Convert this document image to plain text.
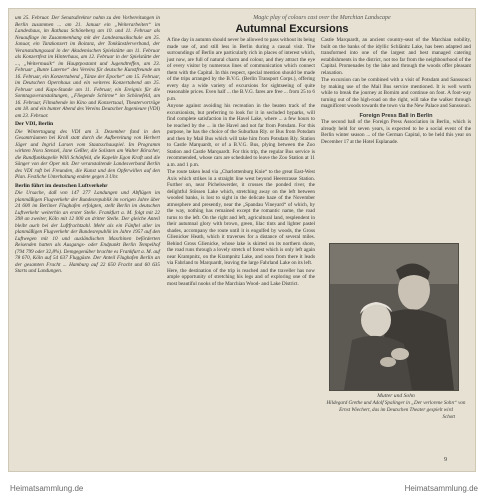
um 25. Februar. Der Senatsdirektor nahm zu den Vorbereitungen in Berlin zusammen ... am 21. Januar ein „Weiterarbeiten“ im Landeshaus, im Rathaus Schöneberg am 10. und 11. Februar als Neuauflage im Zusammenhang mit der Landesmusikschule am 25. Januar, ein Tanzkonzert im Boitanz, der Tonkünstlerverband, der Veranstaltungssaal in der Akademischen Spielstätte am 11. Februar als Konzertfest im Hinterhaus, am 12. Februar in der Spielstätte der ..., „Weitermusik“ im Hauptpostamt und Jugendtreffen, am 23. Februar „Bunte Laterne“ des Vereins für deutsche Kunstfreunde am 16. Februar, ein Konzertabend „Tänze der Epoche“ am 15. Februar, im Deutschen Opernhaus und ein weiteres Konzertabend am 25. Februar und Kaps-Stunde am 11. Februar, ein Ereignis für die Sonntagsveranstaltungen, „Fliegende Schirme“ im Schönefeld, am 16. Februar, Filmabende im Kino und Konzertsaal, Theatervorträge am 18. und ein bunter Abend des Vereins Deutscher Ingenieure (VDI) am 23. Februar.

Der VDI, Berlin

Die Wintertagung des VDI am 3. Dezember fand in den Gesamträumen bei Kroll statt durch die Aufbereitung von Herbert Jäger und Ingrid Larsen vom Staatsschauspiel. Im Programm wirkten Nora Stenzel, Jane Geßler, die Solisten am Walter Börscher, die Rundfunkkapelle Willi Schönfeld, die Kapelle Egon Kraft und die Sänger von der Oper mit. Der veranstaltende Landesverband Berlin des VDI ruft bei Freunden, die Kunst und den Opferwillen auf den Plan. Festliche Unterhaltung endete gegen 3 Uhr.

Berlin führt im deutschen Luftverkehr

Die Ursache, daß von 147 277 Landungen und Abflügen im planmäßigen Flugverkehr der Bundesrepublik im vorigen Jahre über 24 600 im Berliner Flughafen erfolgten, stellt Berlin im deutschen Luftverkehr weiterhin an erster Stelle. Frankfurt a. M. folgt mit 22 398 an zweiter, Köln mit 12 000 an dritter Stelle. Der gleiche Anteil bleibt auch bei der Luftfrachtzahl. Mehr als ein Fünftel aller im planmäßigen Flugverkehr der Bundesrepublik im Jahre 1957 auf den Luftwegen mit 10 und ausländischen Maschinen beförderten Reisenden hatten als Ausgangs- oder Endpunkt Berlin Tempelhof (794 799 oder 32,8%). Demgegenüber brachte es Frankfurt a. M. auf 78 670, Köln auf 54 637 Fluggäste. Der Anteil Flughafen Berlin an der gesamten Fracht ... Hamburg auf 22 650 Fracht und 60 635 Starts und Landungen.

Magic play of colours cast over the Marchian Landscape
Autumnal Excursions

A fine day in autumn should never be allowed to pass without its being made use of, and still less in Berlin during a casual visit. The surroundings of Berlin are particularly rich in places of interest which, just now, are full of natural charm and colour, and they attract the eye of every visitor by numerous lines of communication which connect them with the Capital. In this respect, special mention should be made of the trips arranged by the B.V.G. (Berlin Transport Corps.), offering every day a wide variety of excursions for sightseeing of quite reasonable prices. Even half ... the B.V.G. fares are free ... from 25 to 6 p.m.

Anyone against avoiding his recreation in the beaten track of the excursionists, but preferring to look for it in secluded byparks, will find complete satisfaction in the Havel Lake, where ... a few hours to be reached by the ... in the Havel and not far from Potsdam. For this purpose, he has the choice of the Suburban Rly. or Bus from Potsdam and then by Mail Bus which will take him from Potsdam Rly. Station to Castle Marquardt, or of a B.V.G. Bus, plying between the Zoo Station and Castle Marquardt. For this trip, the regular Bus service is recommended, whose cars are scheduled to leave the Zoo Station at 11 a.m. and 1 p.m.

The route taken lead via „Charlottenburg Knie“ to the great East-West Axis which strikes in a straight line west beyond Heerstrasse Station. Further on, near Pichelswerder, it crosses the ponded river, the delightful Stössen Lake which, stretching away on the left between wooded banks, is lost to sight in the delicate haze of the November atmosphere and presently, near the „Spandau Vineyard“ of which, by the way, nothing has remained except the romantic name, the road turns to the left. On the right and left, agricultural land, resplendent in their autumnal glory with brown, green, lilac tints and lighter pastel shades, accompany the route until it is engulfed by woods, the Gross Glienicker Heath, which it traverses for a distance of several miles. Behind Gross Glienicke, whose lake is skirted on its northern shore, the road runs through a lovely stretch of forest which is only left again near Krampnitz, on the Krampnitz Lake, and soon from there it leads via Fahrland to Marquardt, leaving the large Fahrland Lake on its left.

Here, the destination of the trip is reached and the traveller has now ample opportunity of stretching his legs and of exploring one of the most beautiful nooks of the Marchian Wood- and Lake District.

Castle Marquardt, an ancient country-seat of the Marchian nobility, built on the banks of the idyllic Schlänitz Lake, has been adapted and transformed into one of the largest and best managed catering establishments in the district, not too far from the neighbourhood of the Capital. Promenades by the lake and through the woods offer pleasant relaxation.

The excursion can be combined with a visit of Potsdam and Sanssouci by making use of the Mail Bus service mentioned. It is well worth while to break the journey at Bornim and continue on foot. A foot-way turning out of the high-road on the right, will take the walker through magnificent woods towards the town via the New Palace and Sanssouci.

Foreign Press Ball in Berlin

The second ball of the Foreign Press Association in Berlin, which is already held for seven years, is expected to be a social event of the Berlin winter season ... of the German Capital, to be held this year on December 17 at the Hotel Esplanade.

Mutter und Sohn
Hildegard Grethe und Adolf Spalinger in „Der verlorene Sohn“ von Ernst Wiechert, das im Deutschen Theater gespielt wird
Schott
9
Heimatsammlung.de	Heimatsammlung.de
